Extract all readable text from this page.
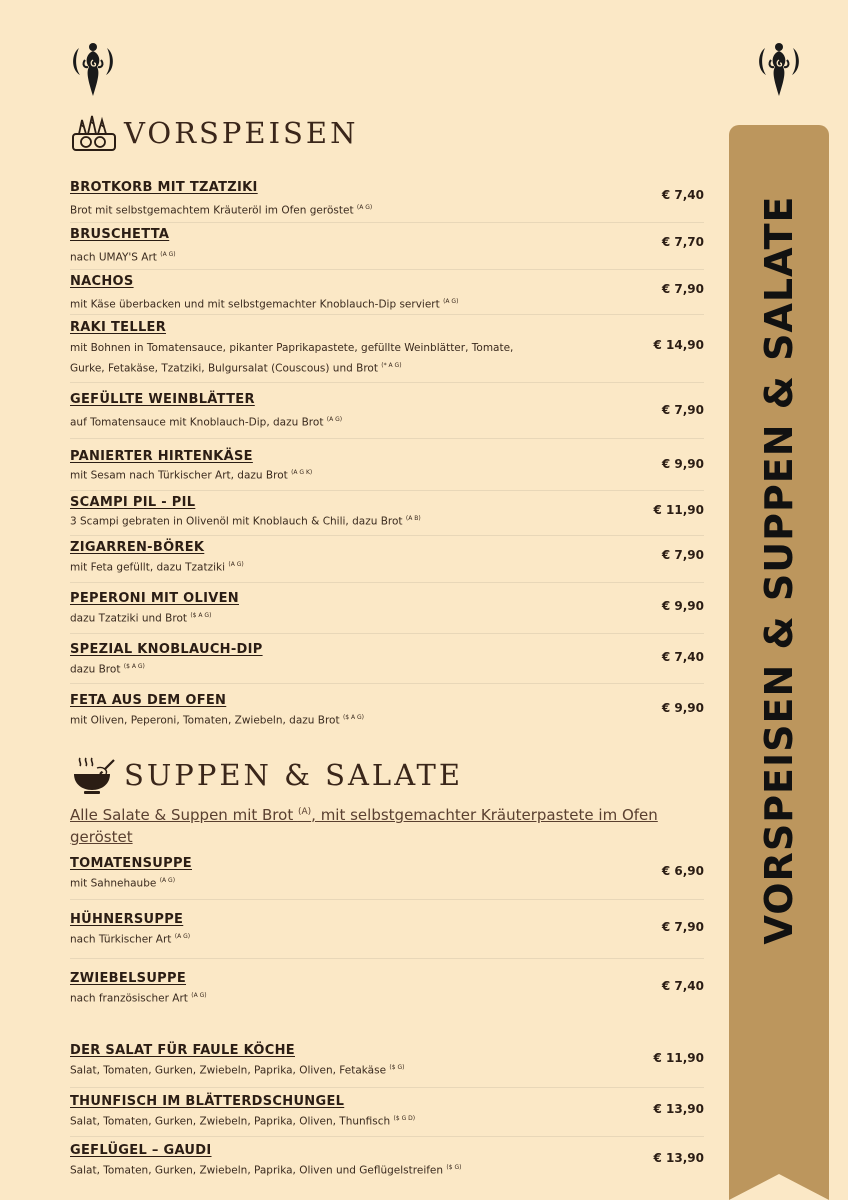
VORSPEISEN
BROTKORB MIT TZATZIKI
Brot mit selbstgemachtem Kräuteröl im Ofen geröstet $^{(A G)}$
€ 7,40
BRUSCHETTA
nach UMAY'S Art $^{(A G)}$
€ 7,70
NACHOS
mit Käse überbacken und mit selbstgemachter Knoblauch-Dip serviert $^{(A G)}$
€ 7,90
RAKI TELLER
mit Bohnen in Tomatensauce, pikanter Paprikapastete, gefüllte Weinblätter, Tomate,
Gurke, Fetakäse, Tzatziki, Bulgursalat (Couscous) und Brot $^{(* A G)}$
€ 14,90
GEFÜLLTE WEINBLÄTTER
auf Tomatensauce mit Knoblauch-Dip, dazu Brot $^{(A G)}$
€ 7,90
PANIERTER HIRTENKÄSE
mit Sesam nach Türkischer Art, dazu Brot $^{(A G K)}$
€ 9,90
SCAMPI PIL - PIL
3 Scampi gebraten in Olivenöl mit Knoblauch & Chili, dazu Brot $^{(A B)}$
€ 11,90
ZIGARREN-BÖREK
mit Feta gefüllt, dazu Tzatziki $^{(A G)}$
€ 7,90
PEPERONI MIT OLIVEN
dazu Tzatziki und Brot $^{(\$ A G)}$
€ 9,90
SPEZIAL KNOBLAUCH-DIP
dazu Brot $^{(\$ A G)}$
€ 7,40
FETA AUS DEM OFEN
mit Oliven, Peperoni, Tomaten, Zwiebeln, dazu Brot $^{(\$ A G)}$
€ 9,90
SUPPEN & SALATE
Alle Salate & Suppen mit Brot $^{(A)}$, mit selbstgemachter Kräuterpastete im Ofen geröstet
TOMATENSUPPE
mit Sahnehaube $^{(A G)}$
€ 6,90
HÜHNERSUPPE
nach Türkischer Art $^{(A G)}$
€ 7,90
ZWIEBELSUPPE
nach französischer Art $^{(A G)}$
€ 7,40
DER SALAT FÜR FAULE KÖCHE
Salat, Tomaten, Gurken, Zwiebeln, Paprika, Oliven, Fetakäse $^{(\$ G)}$
€ 11,90
THUNFISCH IM BLÄTTERDSCHUNGEL
Salat, Tomaten, Gurken, Zwiebeln, Paprika, Oliven, Thunfisch $^{(\$ G D)}$
€ 13,90
GEFLÜGEL – GAUDI
Salat, Tomaten, Gurken, Zwiebeln, Paprika, Oliven und Geflügelstreifen $^{(\$ G)}$
€ 13,90
VORSPEISEN & SUPPEN & SALATE
